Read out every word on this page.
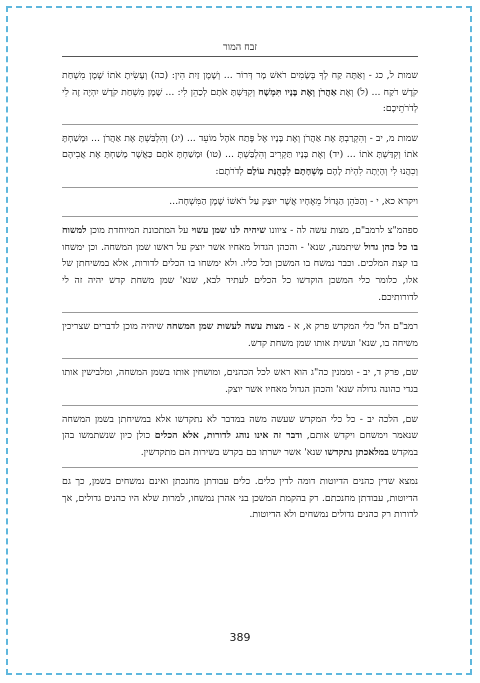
זבח המור

שמות ל, כג - וְאַתָּה קַח לְךָ בְּשָׂמִים רֹאשׁ מָר דְּרוֹר ... וְשֶׁמֶן זַיִת הִין: (כה) וְעָשִׂיתָ אֹתוֹ שֶׁמֶן מִשְׁחַת קֹדֶשׁ רֹקַח ... (ל) וְאֶת אַהֲרֹן וְאֶת בָּנָיו תִּמְשָׁח וְקִדַּשְׁתָּ אֹתָם לְכַהֵן לִי: ... שֶׁמֶן מִשְׁחַת קֹדֶשׁ יִהְיֶה זֶה לִי לְדֹרֹתֵיכֶם:

שמות מ, יב - וְהִקְרַבְתָּ אֶת אַהֲרֹן וְאֶת בָּנָיו אֶל פֶּתַח אֹהֶל מוֹעֵד ... (יג) וְהִלְבַּשְׁתָּ אֶת אַהֲרֹן ... וּמָשַׁחְתָּ אֹתוֹ וְקִדַּשְׁתָּ אֹתוֹ ... (יד) וְאֶת בָּנָיו תַּקְרִיב וְהִלְבַּשְׁתָּ ... (טו) וּמָשַׁחְתָּ אֹתָם כַּאֲשֶׁר מָשַׁחְתָּ אֶת אֲבִיהֶם וְכִהֲנוּ לִי וְהָיְתָה לִהְיֹת לָהֶם מָשְׁחָתָם לִכְהֻנַּת עוֹלָם לְדֹרֹתָם:

ויקרא כא, י - וְהַכֹּהֵן הַגָּדוֹל מֵאֶחָיו אֲשֶׁר יוּצַק עַל רֹאשׁוֹ שֶׁמֶן הַמִּשְׁחָה...

ספהמ"צ לרמב"ם, מצות עשה לה - ציוונו שיהיה לנו שמן עשוי על המתכונת המיוחדת מוכן למשוח בו כל כהן גדול שיתמנה, שנא' - והכהן הגדול מאחיו אשר יוצק על ראשו שמן המשחה. וכן ימשחו בו קצת המלכים. וכבר נמשח בו המשכן וכל כליו. ולא ימשחו בו הכלים לדורות, אלא במשיחתן של אלו, כלומר כלי המשכן הוקדשו כל הכלים לעתיד לבא, שנא' שמן משחת קדש יהיה זה לי לדורותיכם.

רמב"ם הל' כלי המקדש פרק א, א - מצות עשה לעשות שמן המשחה שיהיה מוכן לדברים שצריכין משיחה בו, שנא' ועשית אותו שמן משחת קדש.

שם, פרק ד, יב - וממנין כה"ג הוא ראש לכל הכהנים, ומושחין אותו בשמן המשחה, ומלבישין אותו בגדי כהונה גדולה שנא' והכהן הגדול מאחיו אשר יוצק.

שם, הלכה יב - כל כלי המקדש שעשה משה במדבר לא נתקדשו אלא במשיחתן בשמן המשחה שנאמר וימשחם ויקדש אותם, ודבר זה אינו נוהג לדורות, אלא הכלים כולן כיון שנשתמשו בהן במקדש במלאכתן נתקדשו שנא' אשר ישרתו בם בקדש בשירות הם מתקדשין.

נמצא שדין כהנים הדיוטות דומה לדין כלים. כלים עבודתן מחנכתן ואינם נמשחים בשמן, כך גם הדיוטות, עבודתן מחנכתם. רק בהקמת המשכן בני אהרן נמשחו, למרות שלא היו כהנים גדולים, אך לדורות רק כהנים גדולים נמשחים ולא הדיוטות.

389
